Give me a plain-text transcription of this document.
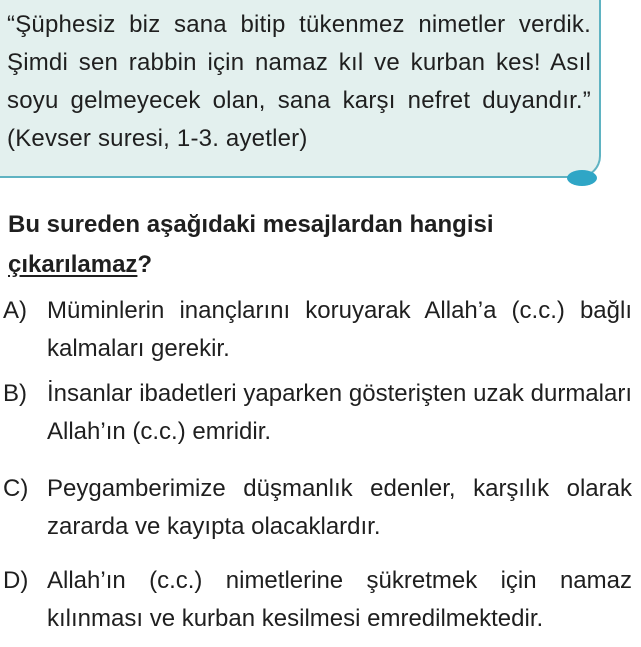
“Şüphesiz biz sana bitip tükenmez nimetler verdik. Şimdi sen rabbin için namaz kıl ve kurban kes! Asıl soyu gelmeyecek olan, sana karşı nefret duyandır.” (Kevser suresi, 1-3. ayetler)

Bu sureden aşağıdaki mesajlardan hangisi çıkarılamaz?

A) Müminlerin inançlarını koruyarak Allah’a (c.c.) bağlı kalmaları gerekir.

B) İnsanlar ibadetleri yaparken gösterişten uzak durmaları Allah’ın (c.c.) emridir.

C) Peygamberimize düşmanlık edenler, karşılık olarak zararda ve kayıpta olacaklardır.

D) Allah’ın (c.c.) nimetlerine şükretmek için namaz kılınması ve kurban kesilmesi emredilmektedir.
